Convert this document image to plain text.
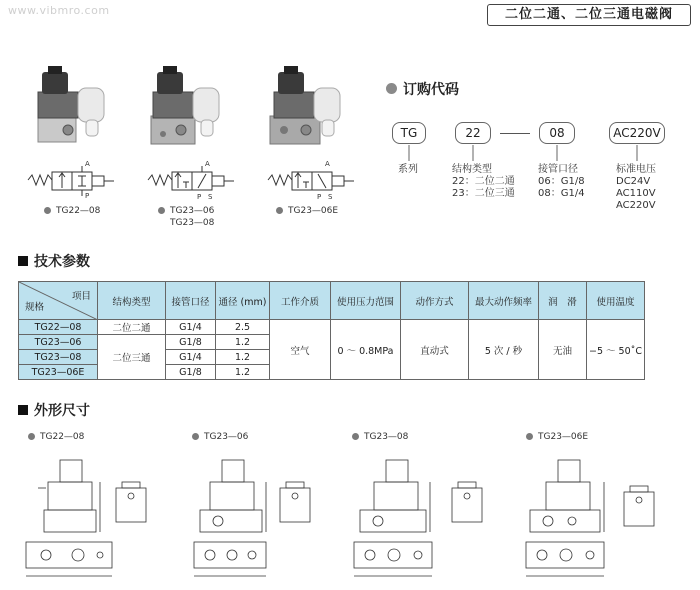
www.vibmro.com	二位二通、二位三通电磁阀
A
P
A
P S
A
P S
TG22—08	TG23—06
TG23—08
TG23—06E
订购代码
TG	22	08	AC220V
系列	结构类型
22：二位二通
23：二位三通
接管口径
06：G1/8
08：G1/4
标准电压
DC24V
AC110V
AC220V
技术参数
项目
规格	结构类型	接管口径	通径 (mm)	工作介质	使用压力范围	动作方式	最大动作频率	润　滑	使用温度
TG22—08	二位二通	G1/4	2.5	空气	0 ～ 0.8MPa	直动式	5 次 / 秒	无油	−5 ～ 50˚C
TG23—06	二位三通	G1/8	1.2						
TG23—08		G1/4	1.2						
TG23—06E		G1/8	1.2						
外形尺寸
TG22—08	TG23—06	TG23—08	TG23—06E
